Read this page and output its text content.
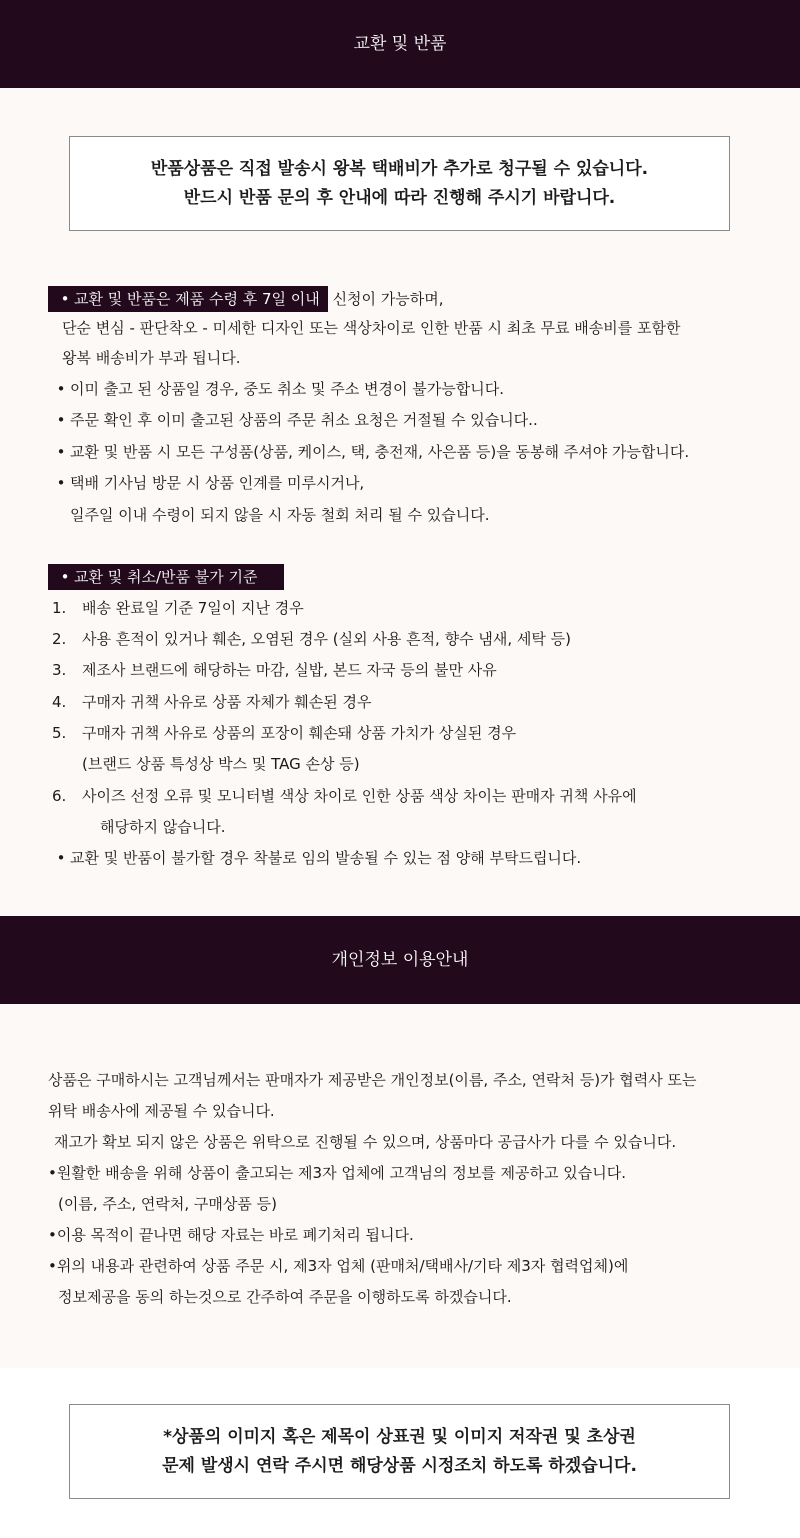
교환 및 반품
반품상품은 직접 발송시 왕복 택배비가 추가로 청구될 수 있습니다.
반드시 반품 문의 후 안내에 따라 진행해 주시기 바랍니다.
• 교환 및 반품은 제품 수령 후 7일 이내 신청이 가능하며,
단순 변심 - 판단착오 - 미세한 디자인 또는 색상차이로 인한 반품 시 최초 무료 배송비를 포함한
왕복 배송비가 부과 됩니다.
• 이미 출고 된 상품일 경우, 중도 취소 및 주소 변경이 불가능합니다.
• 주문 확인 후 이미 출고된 상품의 주문 취소 요청은 거절될 수 있습니다..
• 교환 및 반품 시 모든 구성품(상품, 케이스, 택, 충전재, 사은품 등)을 동봉해 주셔야 가능합니다.
• 택배 기사님 방문 시 상품 인계를 미루시거나,
일주일 이내 수령이 되지 않을 시 자동 철회 처리 될 수 있습니다.
• 교환 및 취소/반품 불가 기준
1. 배송 완료일 기준 7일이 지난 경우
2. 사용 흔적이 있거나 훼손, 오염된 경우 (실외 사용 흔적, 향수 냄새, 세탁 등)
3. 제조사 브랜드에 해당하는 마감, 실밥, 본드 자국 등의 불만 사유
4. 구매자 귀책 사유로 상품 자체가 훼손된 경우
5. 구매자 귀책 사유로 상품의 포장이 훼손돼 상품 가치가 상실된 경우
(브랜드 상품 특성상 박스 및 TAG 손상 등)
6. 사이즈 선정 오류 및 모니터별 색상 차이로 인한 상품 색상 차이는 판매자 귀책 사유에
해당하지 않습니다.
• 교환 및 반품이 불가할 경우 착불로 임의 발송될 수 있는 점 양해 부탁드립니다.
개인정보 이용안내
상품은 구매하시는 고객님께서는 판매자가 제공받은 개인정보(이름, 주소, 연락처 등)가 협력사 또는
위탁 배송사에 제공될 수 있습니다.
재고가 확보 되지 않은 상품은 위탁으로 진행될 수 있으며, 상품마다 공급사가 다를 수 있습니다.
•원활한 배송을 위해 상품이 출고되는 제3자 업체에 고객님의 정보를 제공하고 있습니다.
(이름, 주소, 연락처, 구매상품 등)
•이용 목적이 끝나면 해당 자료는 바로 폐기처리 됩니다.
•위의 내용과 관련하여 상품 주문 시, 제3자 업체 (판매처/택배사/기타 제3자 협력업체)에
정보제공을 동의 하는것으로 간주하여 주문을 이행하도록 하겠습니다.
*상품의 이미지 혹은 제목이 상표권 및 이미지 저작권 및 초상권
문제 발생시 연락 주시면 해당상품 시정조치 하도록 하겠습니다.
